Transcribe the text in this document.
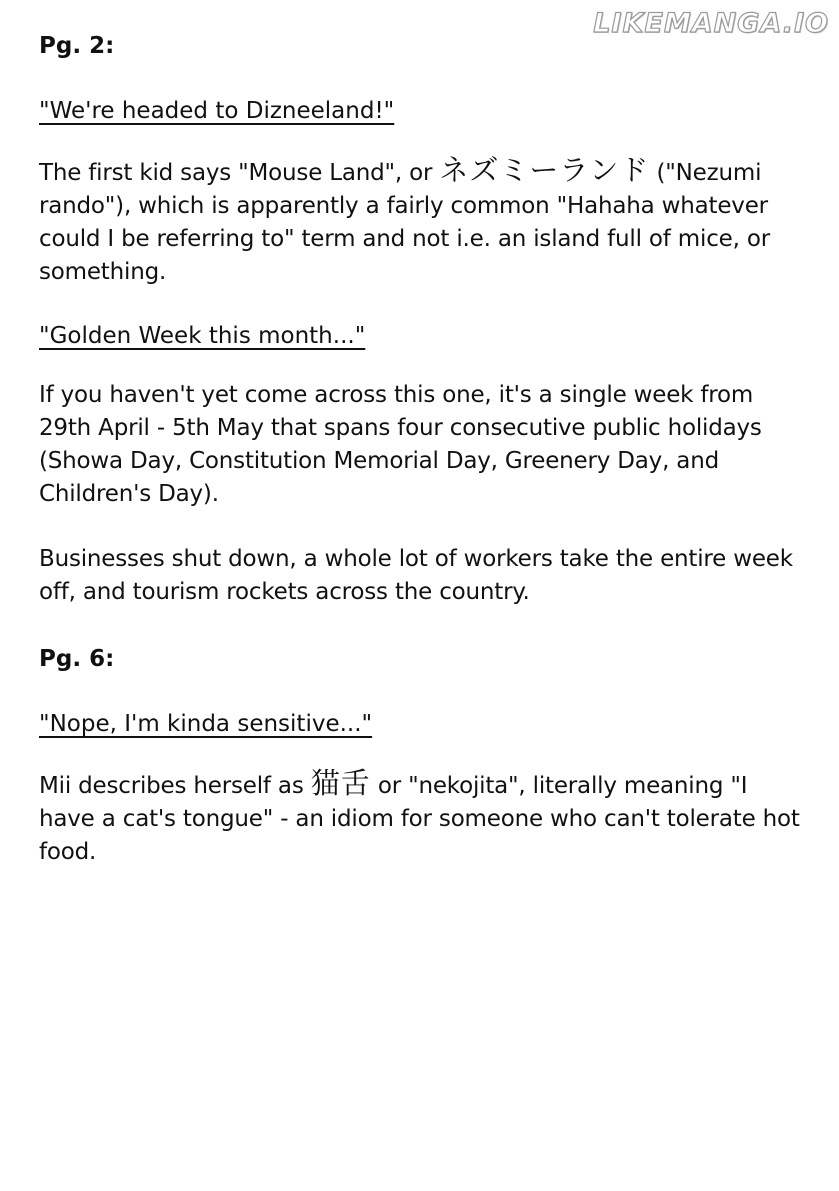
LIKEMANGA.IO

Pg. 2:

"We're headed to Dizneeland!"

The first kid says "Mouse Land", or ネズミーランド ("Nezumi rando"), which is apparently a fairly common "Hahaha whatever could I be referring to" term and not i.e. an island full of mice, or something.

"Golden Week this month..."

If you haven't yet come across this one, it's a single week from 29th April - 5th May that spans four consecutive public holidays (Showa Day, Constitution Memorial Day, Greenery Day, and Children's Day).

Businesses shut down, a whole lot of workers take the entire week off, and tourism rockets across the country.

Pg. 6:

"Nope, I'm kinda sensitive..."

Mii describes herself as 猫舌 or "nekojita", literally meaning "I have a cat's tongue" - an idiom for someone who can't tolerate hot food.
